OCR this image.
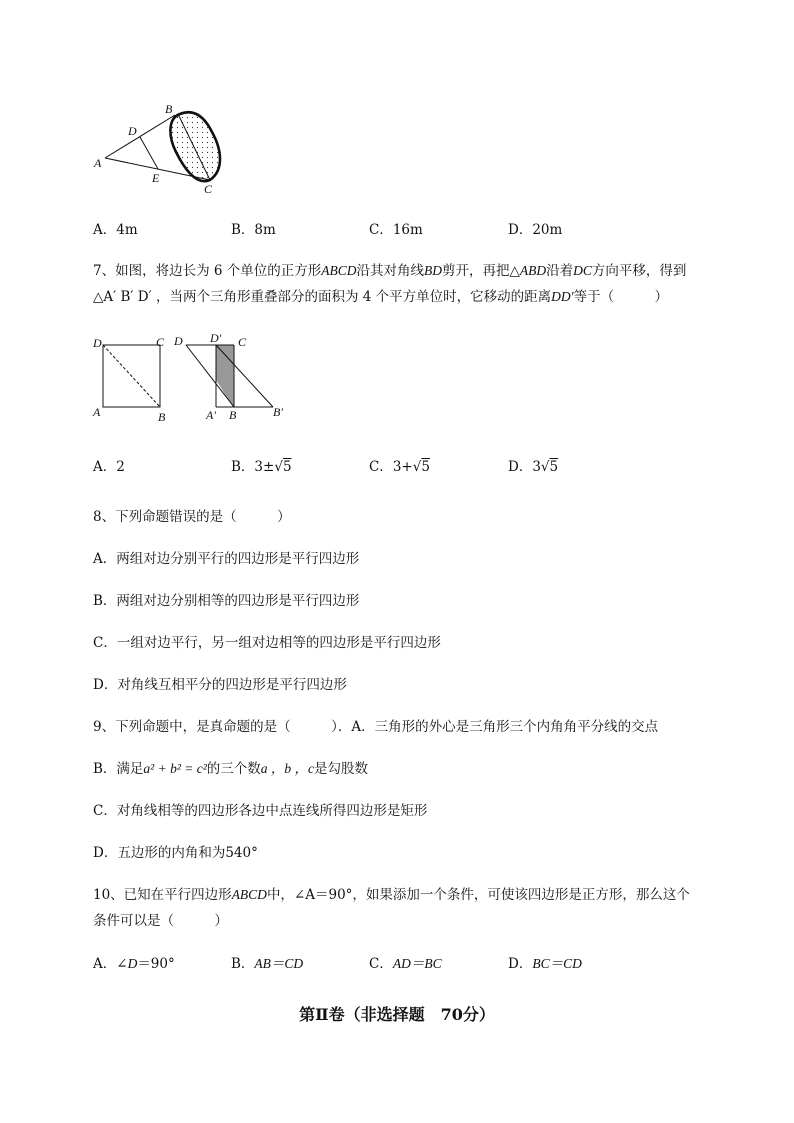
B
D
A
E
C
A．4m	B．8m	C．16m	D．20m
7、如图，将边长为 6 个单位的正方形ABCD沿其对角线BD剪开，再把△ABD沿着DC方向平移，得到
△A′ B′ D′ ，当两个三角形重叠部分的面积为 4 个平方单位时，它移动的距离DD′等于（　　　）
D	C
A	B
D D′ C
A′ B	B′
A．2	B．3±√5	C．3+√5	D．3√5
8、下列命题错误的是（　　　）
A．两组对边分别平行的四边形是平行四边形
B．两组对边分别相等的四边形是平行四边形
C．一组对边平行，另一组对边相等的四边形是平行四边形
D．对角线互相平分的四边形是平行四边形
9、下列命题中，是真命题的是（　　　）．A．三角形的外心是三角形三个内角角平分线的交点
B．满足a² + b² = c²的三个数a ，b ，c是勾股数
C．对角线相等的四边形各边中点连线所得四边形是矩形
D．五边形的内角和为540°
10、已知在平行四边形ABCD中，∠A＝90°，如果添加一个条件，可使该四边形是正方形，那么这个
条件可以是（　　　）
A．∠D＝90°	B．AB＝CD	C．AD＝BC	D．BC＝CD
第Ⅱ卷（非选择题　70分）
